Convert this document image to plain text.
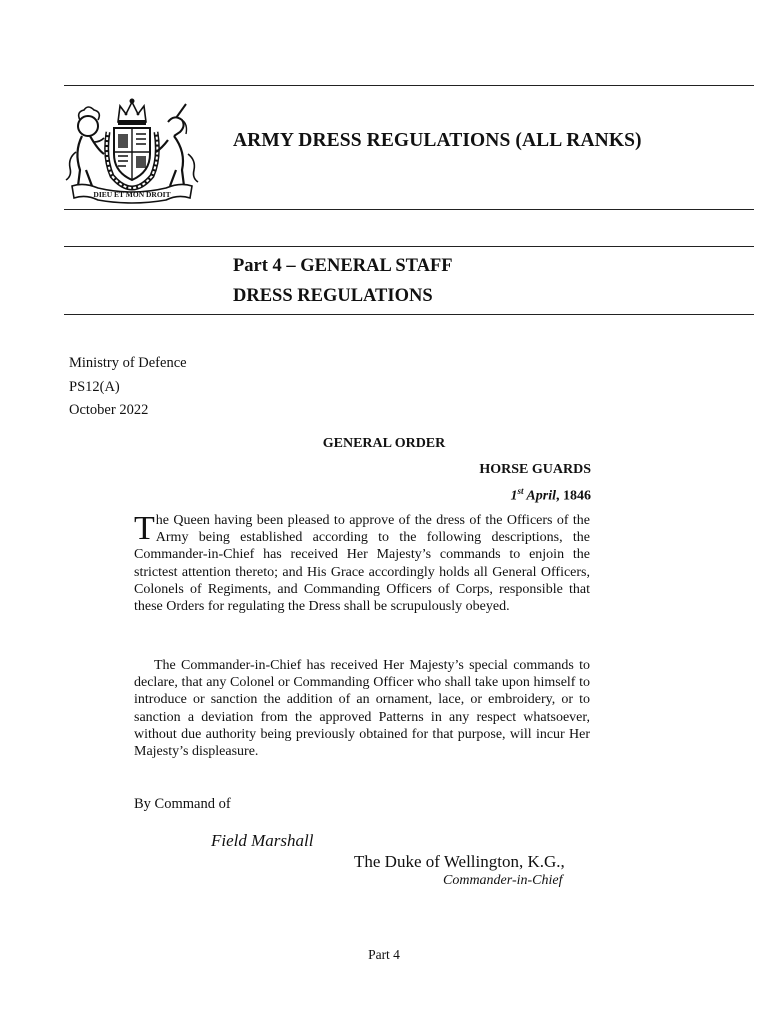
DIEU ET MON DROIT
ARMY DRESS REGULATIONS (ALL RANKS)
Part 4 – GENERAL STAFF
DRESS REGULATIONS
Ministry of Defence
PS12(A)
October 2022
GENERAL ORDER
HORSE GUARDS
1st April, 1846

The Queen having been pleased to approve of the dress of the Officers of the Army being established according to the following descriptions, the Commander-in-Chief has received Her Majesty’s commands to enjoin the strictest attention thereto; and His Grace accordingly holds all General Officers, Colonels of Regiments, and Commanding Officers of Corps, responsible that these Orders for regulating the Dress shall be scrupulously obeyed.

The Commander-in-Chief has received Her Majesty’s special commands to declare, that any Colonel or Commanding Officer who shall take upon himself to introduce or sanction the addition of an ornament, lace, or embroidery, or to sanction a deviation from the approved Patterns in any respect whatsoever, without due authority being previously obtained for that purpose, will incur Her Majesty’s displeasure.

By Command of
Field Marshall
The Duke of Wellington, K.G.,
Commander-in-Chief
Part 4
